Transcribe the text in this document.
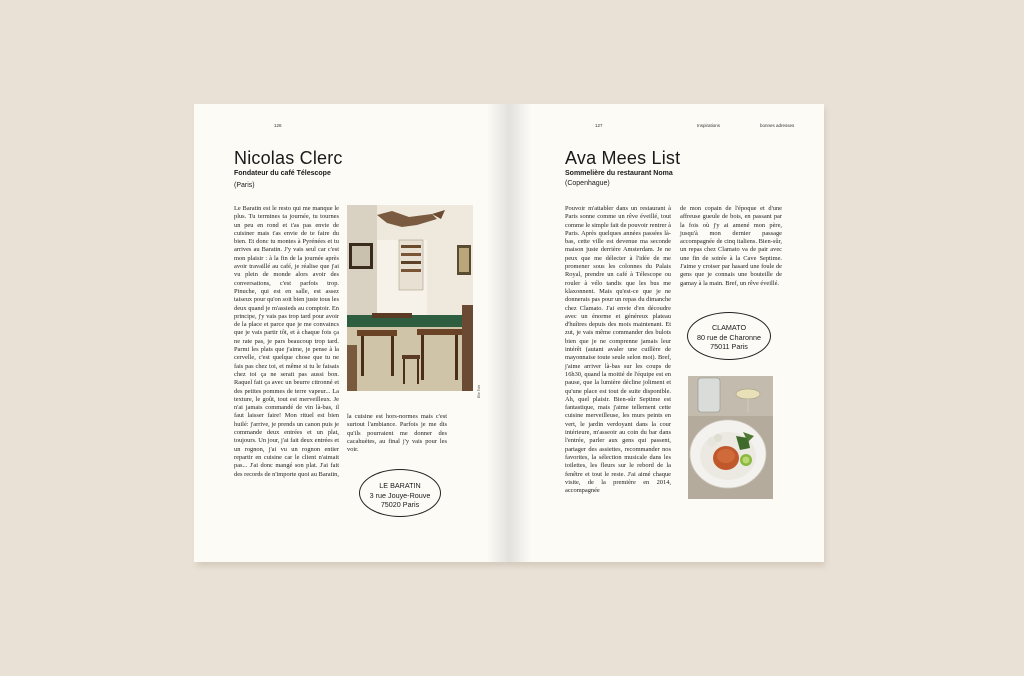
126
Nicolas Clerc
Fondateur du café Télescope
(Paris)
Le Baratin est le resto qui me manque le plus. Tu termines ta journée, tu tournes un peu en rond et t'as pas envie de cuisiner mais t'as envie de te faire du bien. Et donc tu montes à Pyrénées et tu arrives au Baratin. J'y vais seul car c'est mon plaisir : à la fin de la journée après avoir travaillé au café, je réalise que j'ai vu plein de monde alors avoir des conversations, c'est parfois trop. Pinuche, qui est en salle, est assez taiseux pour qu'on soit bien juste tous les deux quand je m'assieds au comptoir. En principe, j'y vais pas trop tard pour avoir de la place et parce que je me convaincs que je vais partir tôt, et à chaque fois ça ne rate pas, je pars beaucoup trop tard. Parmi les plats que j'aime, je pense à la cervelle, c'est quelque chose que tu ne fais pas chez toi, et même si tu le faisais chez toi ça ne serait pas aussi bon. Raquel fait ça avec un beurre citronné et des petites pommes de terre vapeur... La texture, le goût, tout est merveilleux. Je n'ai jamais commandé de vin là-bas, il faut laisser faire! Mon rituel est bien huilé: j'arrive, je prends un canon puis je commande deux entrées et un plat, toujours. Un jour, j'ai fait deux entrées et un rognon, j'ai vu un rognon entier repartir en cuisine car le client n'aimait pas... J'ai donc mangé son plat. J'ai fait des records de n'importe quoi au Baratin,
Elie Tobi
la cuisine est hors-normes mais c'est surtout l'ambiance. Parfois je me dis qu'ils pourraient me donner des cacahuètes, au final j'y vais pour les voir.
LE BARATIN
3 rue Jouye-Rouve
75020 Paris
127	Inspirations	bonnes adresses
Ava Mees List
Sommelière du restaurant Noma
(Copenhague)
Pouvoir m'attabler dans un restaurant à Paris sonne comme un rêve éveillé, tout comme le simple fait de pouvoir rentrer à Paris. Après quelques années passées là-bas, cette ville est devenue ma seconde maison juste derrière Amsterdam. Je ne peux que me délecter à l'idée de me promener sous les colonnes du Palais Royal, prendre un café à Télescope ou rouler à vélo tandis que les bus me klaxonnent. Mais qu'est-ce que je ne donnerais pas pour un repas du dimanche chez Clamato. J'ai envie d'en découdre avec un énorme et généreux plateau d'huîtres depuis des mois maintenant. Et zut, je vais même commander des bulots bien que je ne comprenne jamais leur intérêt (autant avaler une cuillère de mayonnaise toute seule selon moi). Bref, j'aime arriver là-bas sur les coups de 16h30, quand la moitié de l'équipe est en pause, que la lumière décline joliment et qu'une place est tout de suite disponible. Ah, quel plaisir. Bien-sûr Septime est fantastique, mais j'aime tellement cette cuisine merveilleuse, les murs peints en vert, le jardin verdoyant dans la cour intérieure, m'asseoir au coin du bar dans l'entrée, parler aux gens qui passent, partager des assiettes, recommander nos favorites, la sélection musicale dans les toilettes, les fleurs sur le rebord de la fenêtre et tout le reste. J'ai aimé chaque visite, de la première en 2014, accompagnée
de mon copain de l'époque et d'une affreuse gueule de bois, en passant par la fois où j'y ai amené mon père, jusqu'à mon dernier passage accompagnée de cinq italiens. Bien-sûr, un repas chez Clamato va de pair avec une fin de soirée à la Cave Septime. J'aime y croiser par hasard une foule de gens que je connais une bouteille de gamay à la main. Bref, un rêve éveillé.
CLAMATO
80 rue de Charonne
75011 Paris
